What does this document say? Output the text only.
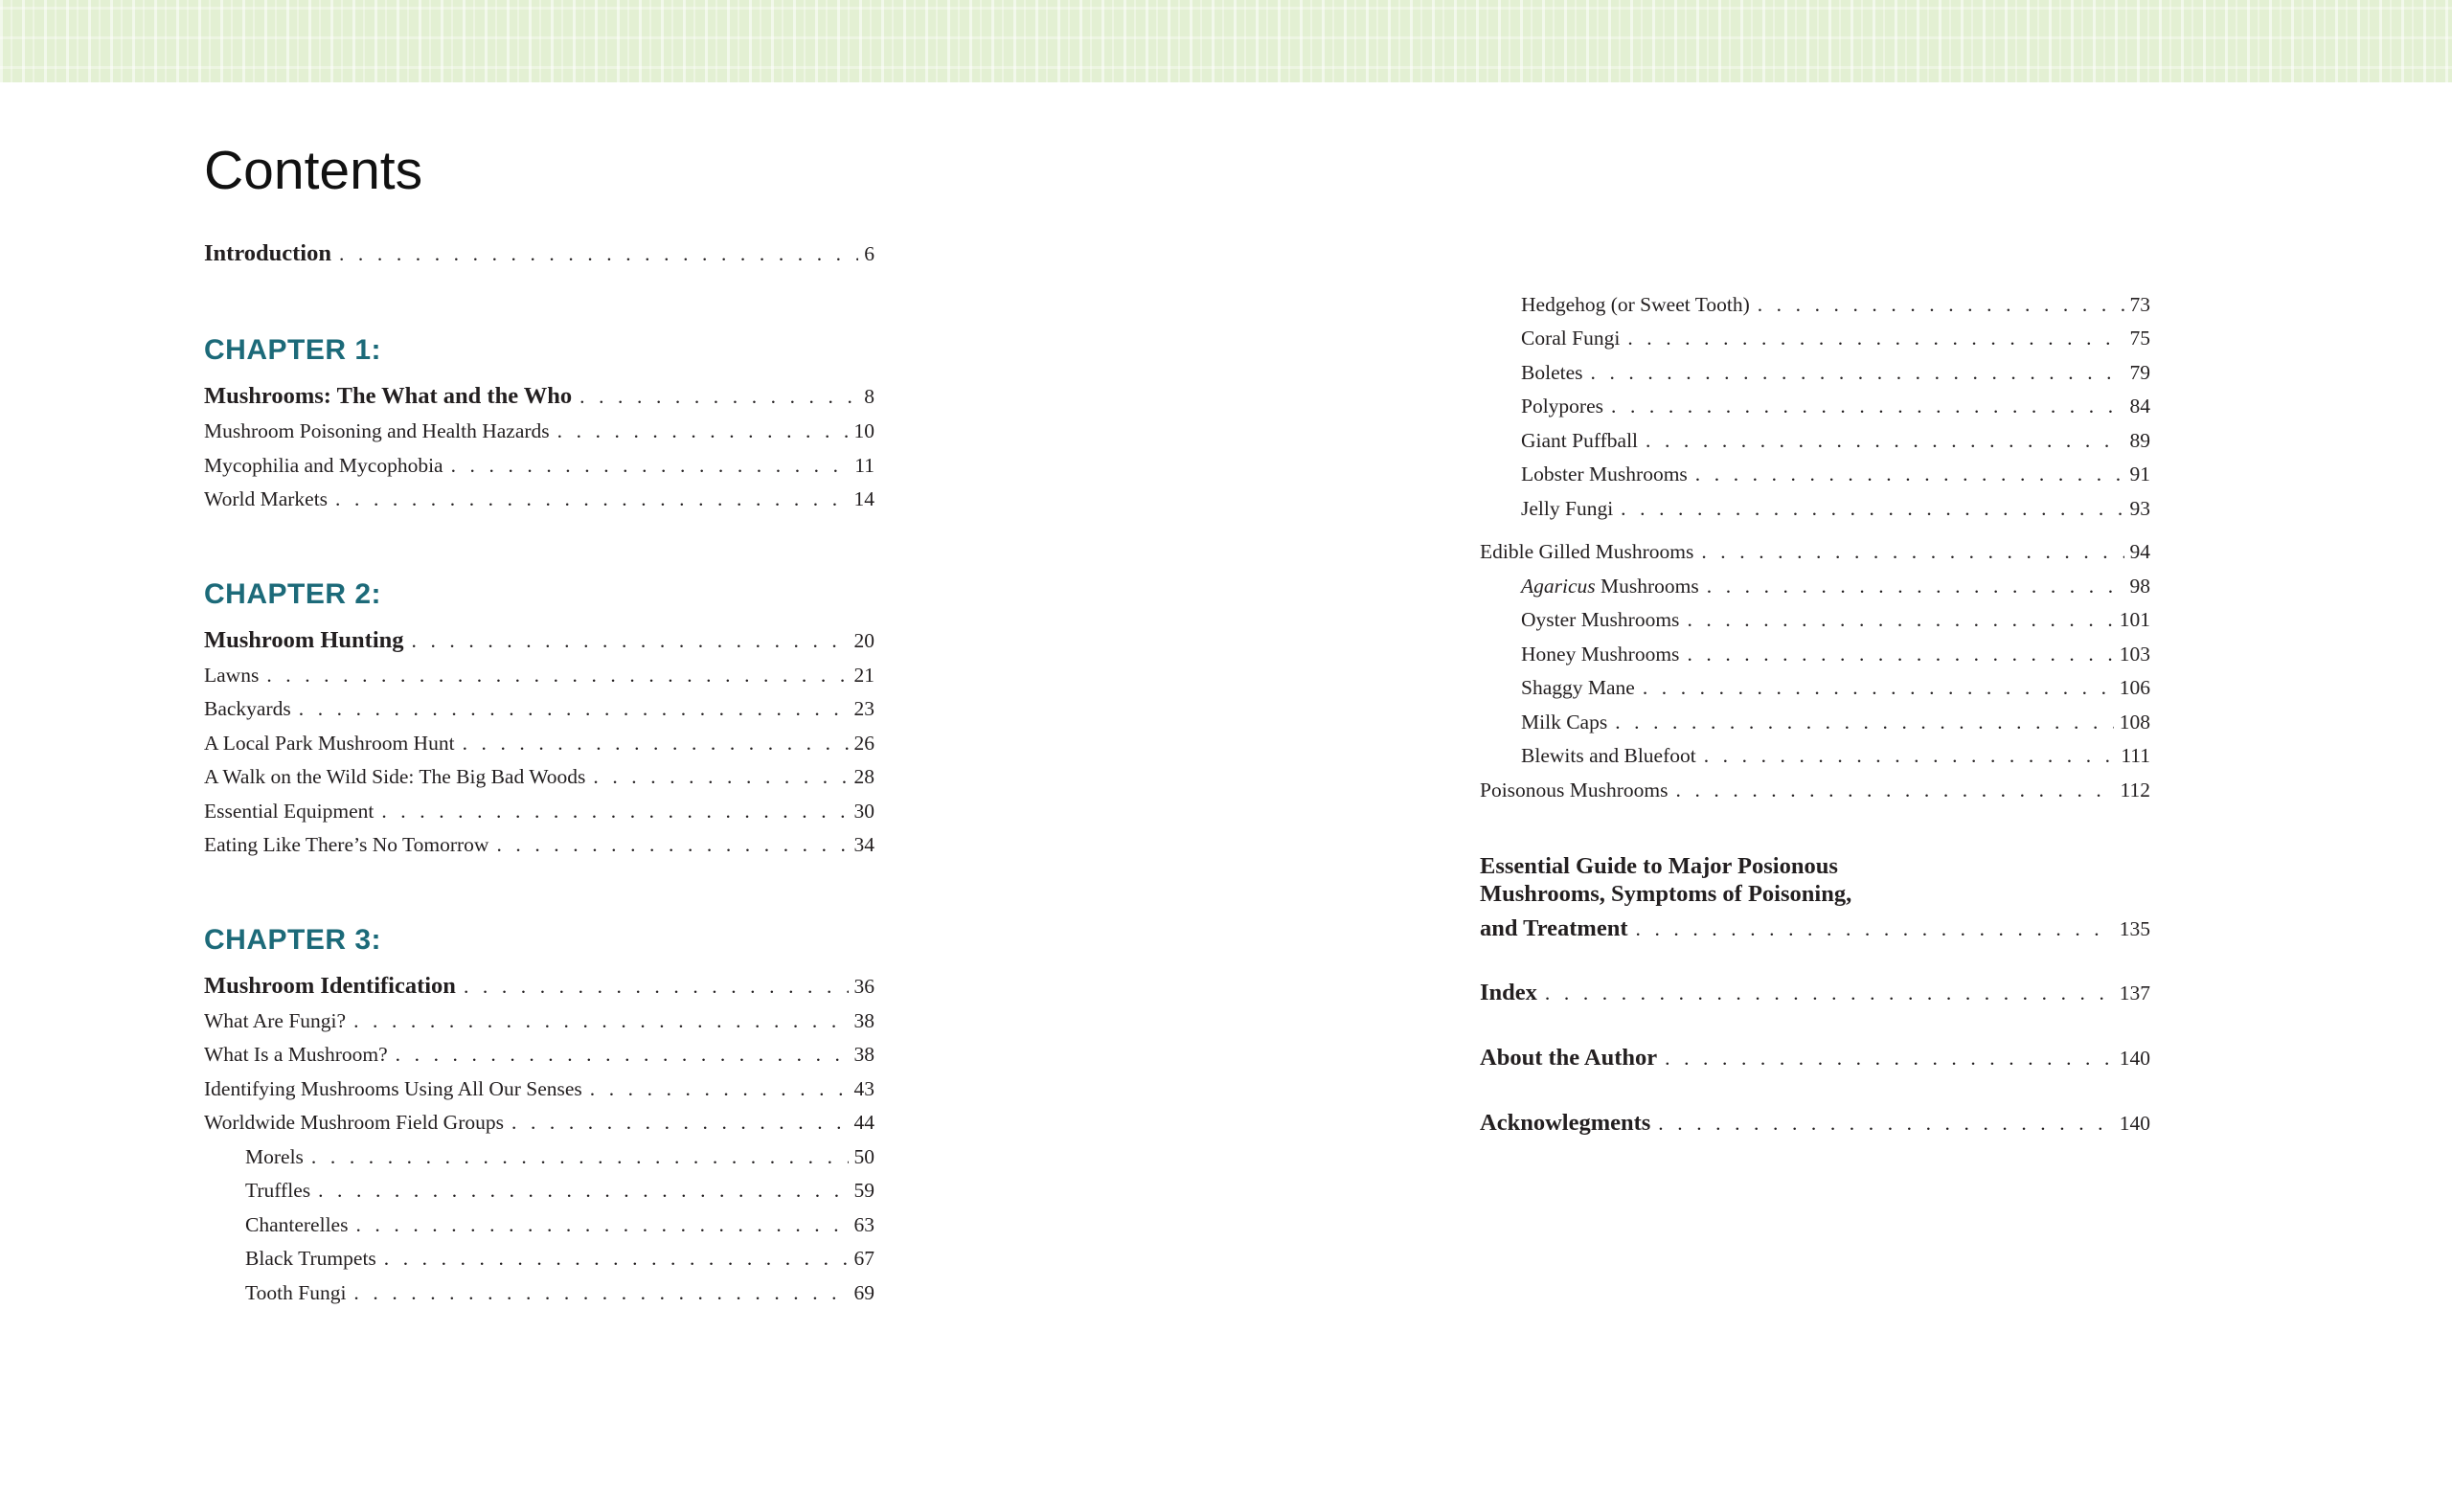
Contents
Introduction . . .	6
CHAPTER 1:
Mushrooms: The What and the Who . . .	8
Mushroom Poisoning and Health Hazards . . .	10
Mycophilia and Mycophobia . . .	11
World Markets . . .	14
CHAPTER 2:
Mushroom Hunting . . .	20
Lawns . . .	21
Backyards . . .	23
A Local Park Mushroom Hunt . . .	26
A Walk on the Wild Side: The Big Bad Woods . . .	28
Essential Equipment . . .	30
Eating Like There’s No Tomorrow . . .	34
CHAPTER 3:
Mushroom Identification . . .	36
What Are Fungi? . . .	38
What Is a Mushroom? . . .	38
Identifying Mushrooms Using All Our Senses . . .	43
Worldwide Mushroom Field Groups . . .	44
Morels . . .	50
Truffles . . .	59
Chanterelles . . .	63
Black Trumpets . . .	67
Tooth Fungi . . .	69
Hedgehog (or Sweet Tooth) . . .	73
Coral Fungi . . .	75
Boletes . . .	79
Polypores . . .	84
Giant Puffball . . .	89
Lobster Mushrooms . . .	91
Jelly Fungi . . .	93
Edible Gilled Mushrooms . . .	94
Agaricus Mushrooms . . .	98
Oyster Mushrooms . . .	101
Honey Mushrooms . . .	103
Shaggy Mane . . .	106
Milk Caps . . .	108
Blewits and Bluefoot . . .	111
Poisonous Mushrooms . . .	112
Essential Guide to Major Posionous
Mushrooms, Symptoms of Poisoning,
and Treatment . . .	135
Index . . .	137
About the Author . . .	140
Acknowlegments . . .	140
